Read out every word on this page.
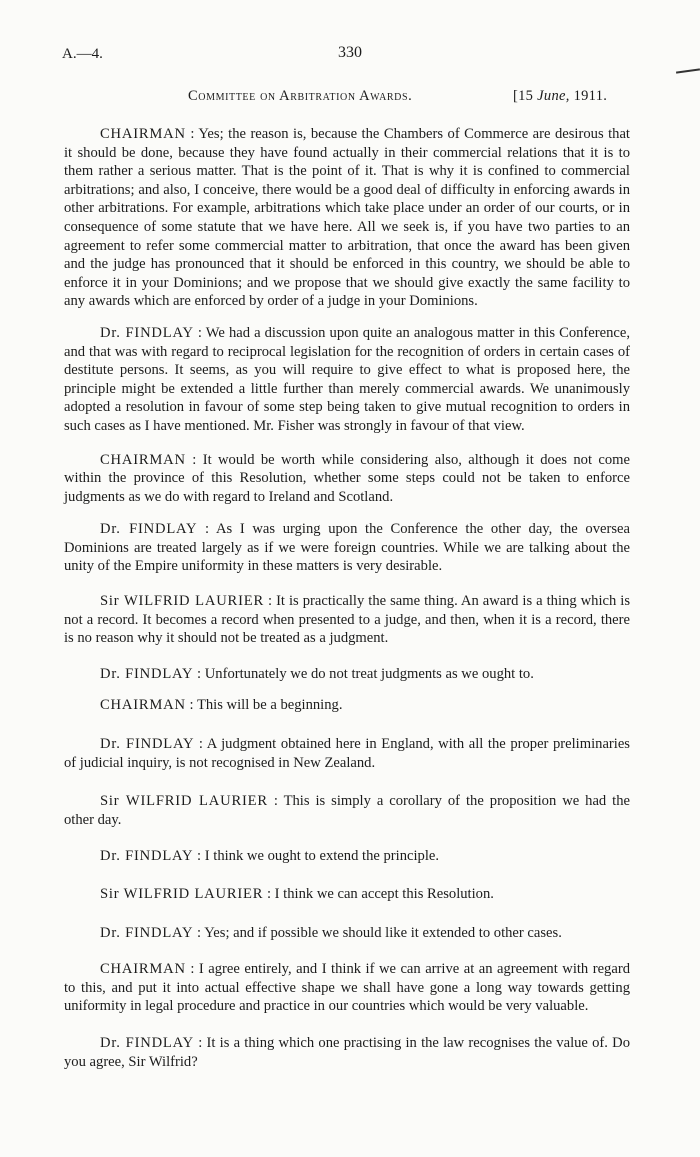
A.—4.	330
Committee on Arbitration Awards.	[15 June, 1911.

CHAIRMAN : Yes; the reason is, because the Chambers of Commerce are desirous that it should be done, because they have found actually in their commercial relations that it is to them rather a serious matter. That is the point of it. That is why it is confined to commercial arbitrations; and also, I conceive, there would be a good deal of difficulty in enforcing awards in other arbitrations. For example, arbitrations which take place under an order of our courts, or in consequence of some statute that we have here. All we seek is, if you have two parties to an agreement to refer some commercial matter to arbitration, that once the award has been given and the judge has pronounced that it should be enforced in this country, we should be able to enforce it in your Dominions; and we propose that we should give exactly the same facility to any awards which are enforced by order of a judge in your Dominions.

Dr. FINDLAY : We had a discussion upon quite an analogous matter in this Conference, and that was with regard to reciprocal legislation for the recognition of orders in certain cases of destitute persons. It seems, as you will require to give effect to what is proposed here, the principle might be extended a little further than merely commercial awards. We unanimously adopted a resolution in favour of some step being taken to give mutual recognition to orders in such cases as I have mentioned. Mr. Fisher was strongly in favour of that view.

CHAIRMAN : It would be worth while considering also, although it does not come within the province of this Resolution, whether some steps could not be taken to enforce judgments as we do with regard to Ireland and Scotland.

Dr. FINDLAY : As I was urging upon the Conference the other day, the oversea Dominions are treated largely as if we were foreign countries. While we are talking about the unity of the Empire uniformity in these matters is very desirable.

Sir WILFRID LAURIER : It is practically the same thing. An award is a thing which is not a record. It becomes a record when presented to a judge, and then, when it is a record, there is no reason why it should not be treated as a judgment.

Dr. FINDLAY : Unfortunately we do not treat judgments as we ought to.

CHAIRMAN : This will be a beginning.

Dr. FINDLAY : A judgment obtained here in England, with all the proper preliminaries of judicial inquiry, is not recognised in New Zealand.

Sir WILFRID LAURIER : This is simply a corollary of the proposition we had the other day.

Dr. FINDLAY : I think we ought to extend the principle.

Sir WILFRID LAURIER : I think we can accept this Resolution.

Dr. FINDLAY : Yes; and if possible we should like it extended to other cases.

CHAIRMAN : I agree entirely, and I think if we can arrive at an agreement with regard to this, and put it into actual effective shape we shall have gone a long way towards getting uniformity in legal procedure and practice in our countries which would be very valuable.

Dr. FINDLAY : It is a thing which one practising in the law recognises the value of. Do you agree, Sir Wilfrid?
